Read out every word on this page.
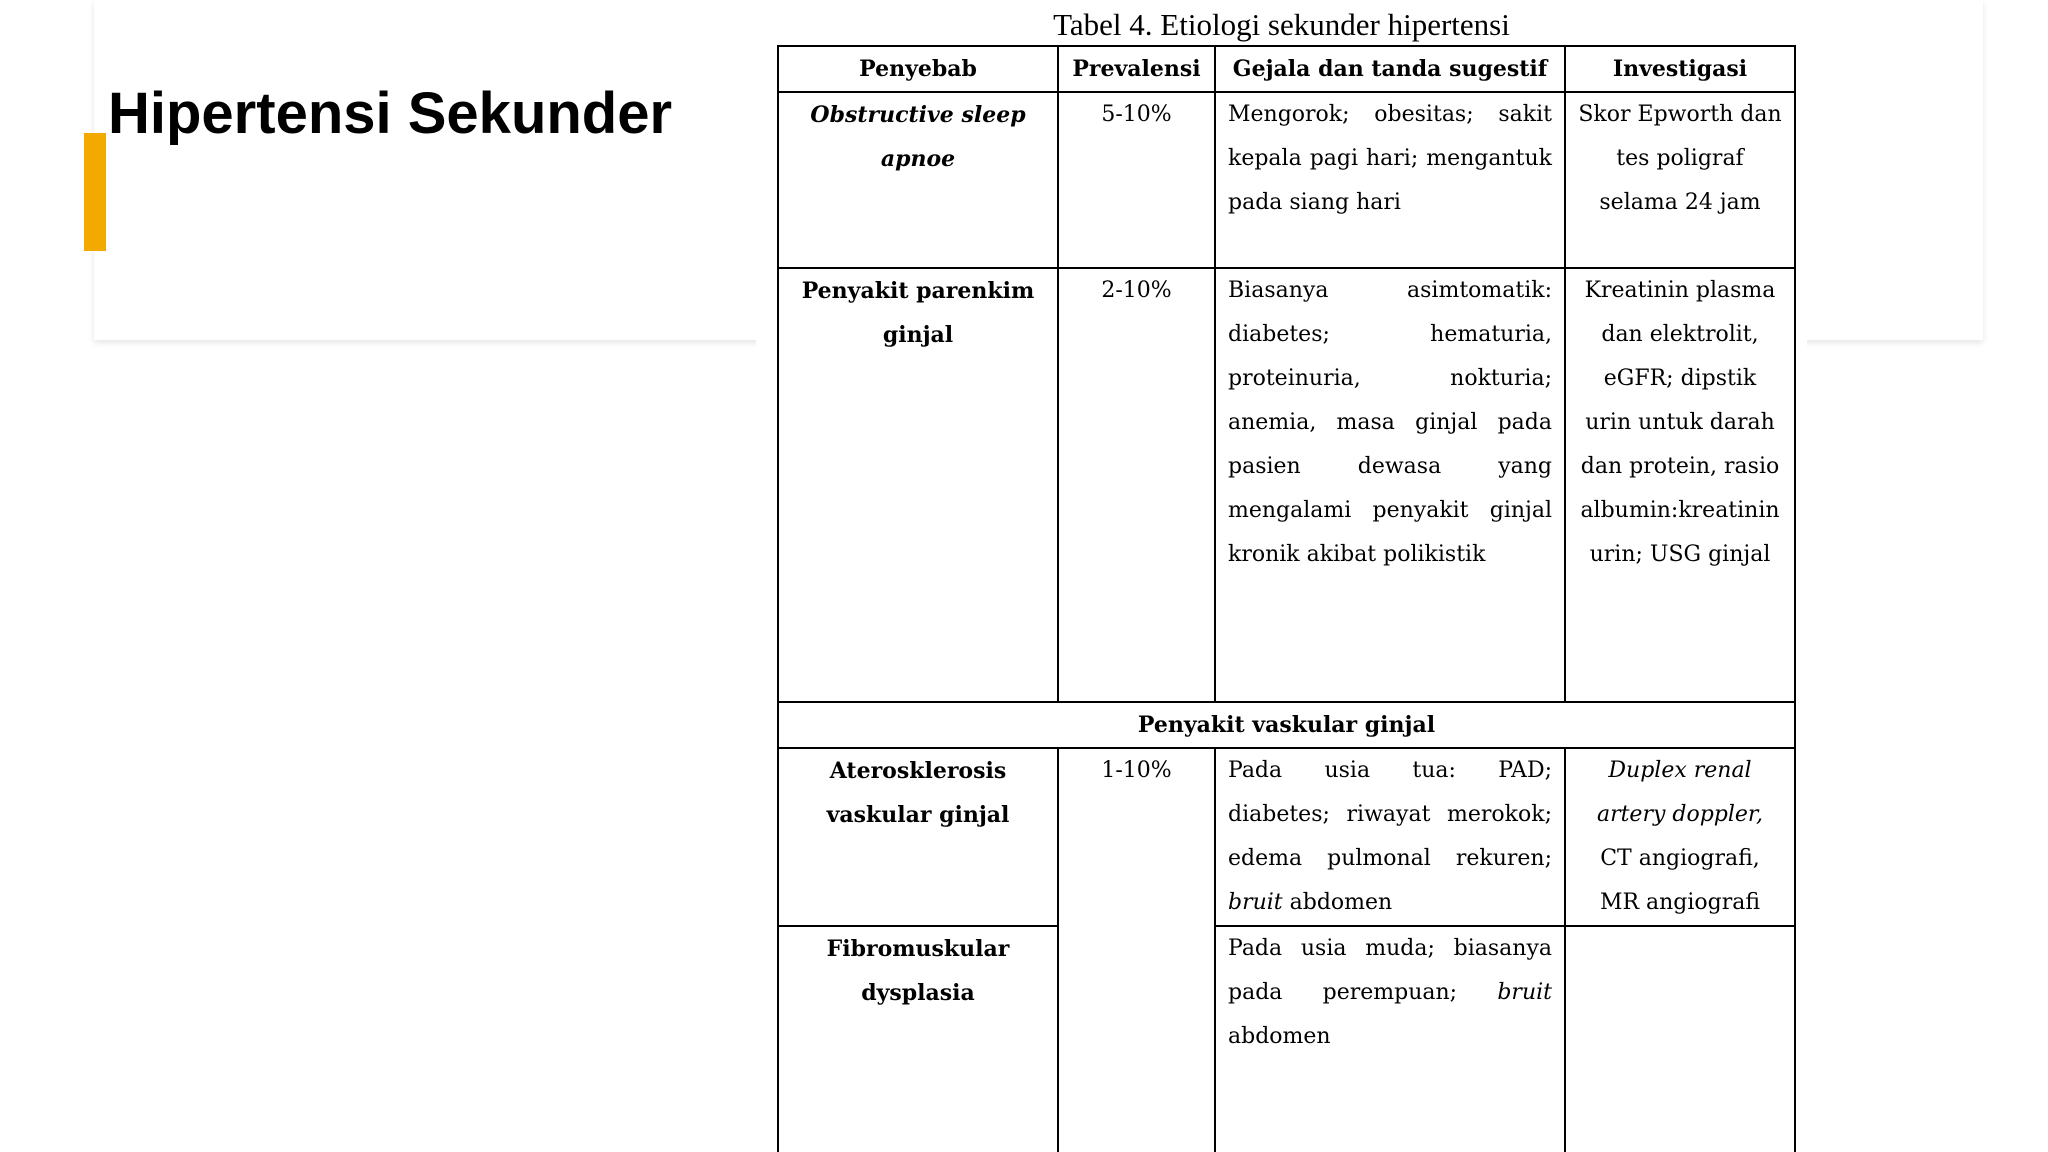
Hipertensi Sekunder
Tabel 4. Etiologi sekunder hipertensi
Penyebab	Prevalensi	Gejala dan tanda sugestif	Investigasi
Obstructive sleep apnoe	5-10%	Mengorok; obesitas; sakit kepala pagi hari; mengantuk pada siang hari	Skor Epworth dan tes poligraf selama 24 jam
Penyakit parenkim ginjal	2-10%	Biasanya asimtomatik: diabetes; hematuria, proteinuria, nokturia; anemia, masa ginjal pada pasien dewasa yang mengalami penyakit ginjal kronik akibat polikistik	Kreatinin plasma dan elektrolit, eGFR; dipstik urin untuk darah dan protein, rasio albumin:kreatinin urin; USG ginjal
Penyakit vaskular ginjal			
Aterosklerosis vaskular ginjal	1-10%	Pada usia tua: PAD; diabetes; riwayat merokok; edema pulmonal rekuren; bruit abdomen	Duplex renal artery doppler, CT angiografi, MR angiografi
Fibromuskular dysplasia		Pada usia muda; biasanya pada perempuan; bruit abdomen	
